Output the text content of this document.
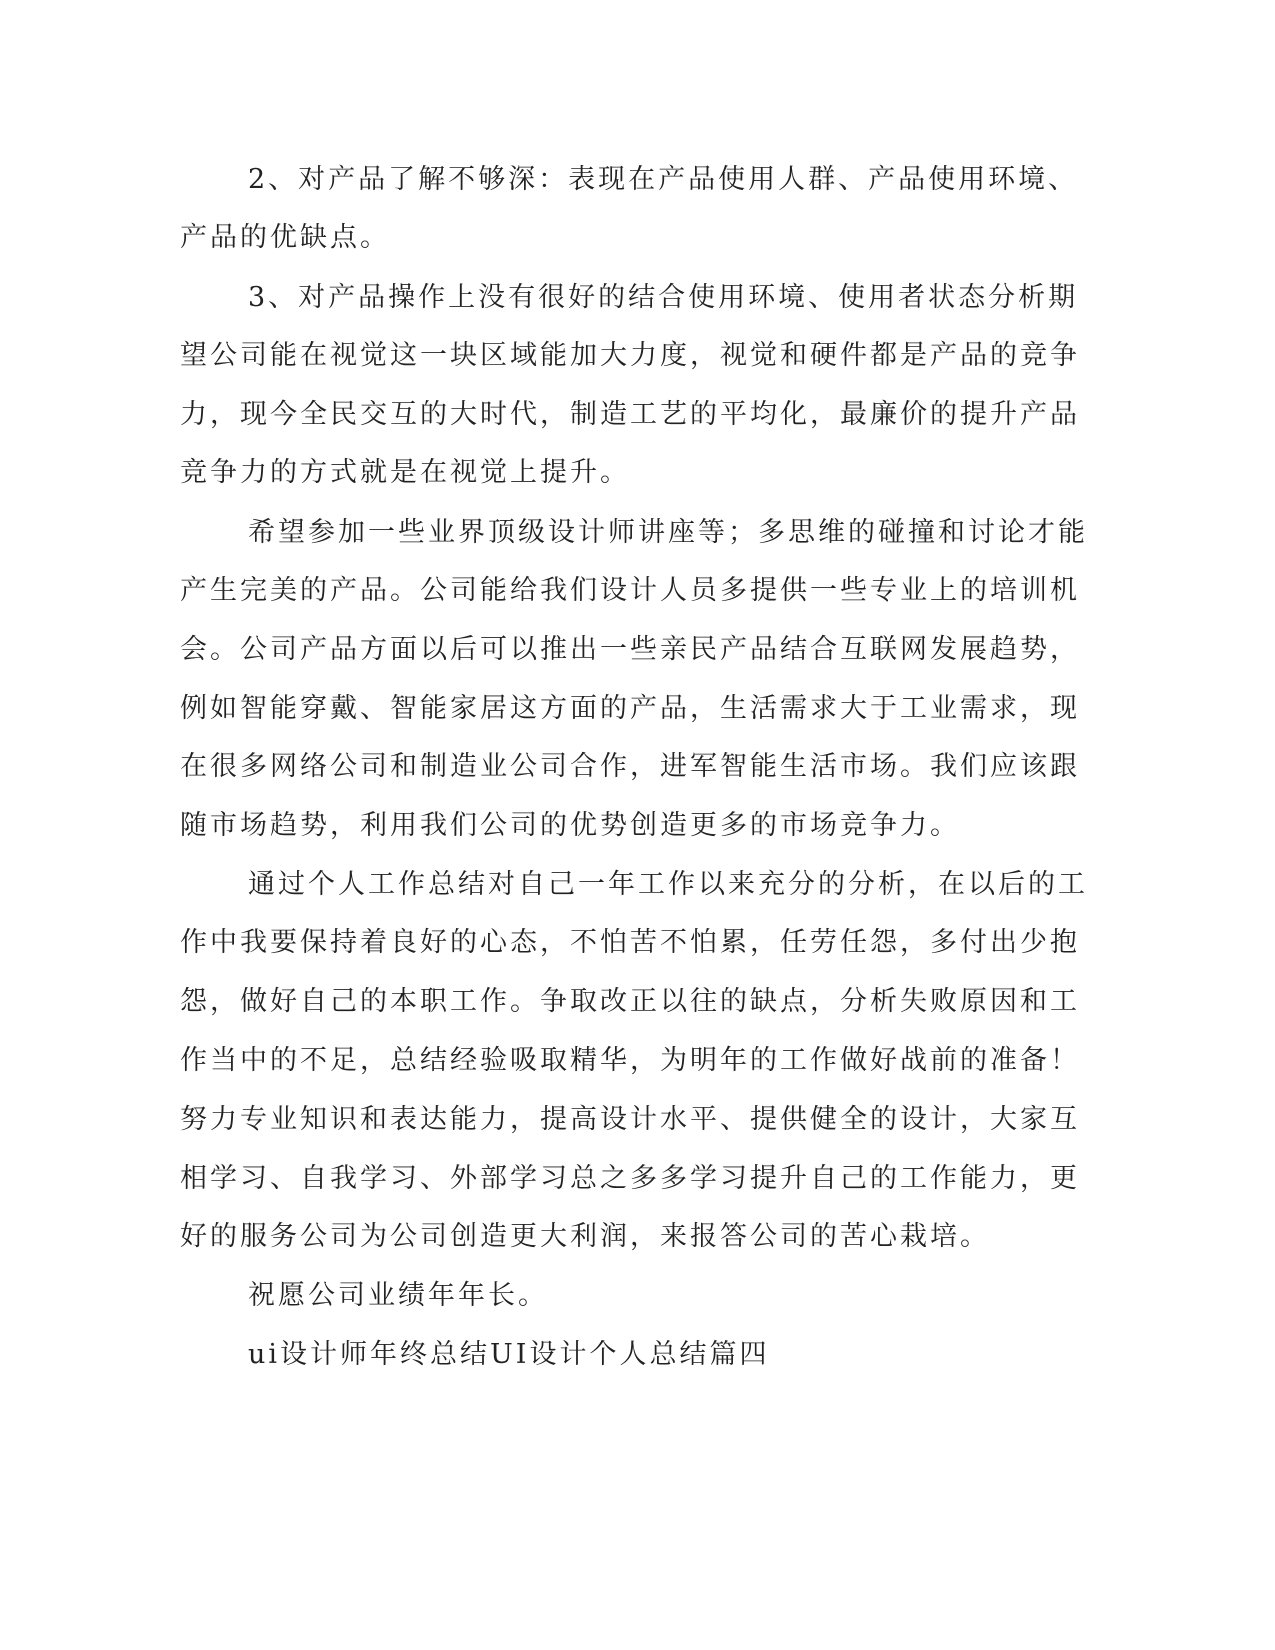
2、对产品了解不够深：表现在产品使用人群、产品使用环境、

产品的优缺点。

3、对产品操作上没有很好的结合使用环境、使用者状态分析期

望公司能在视觉这一块区域能加大力度，视觉和硬件都是产品的竞争

力，现今全民交互的大时代，制造工艺的平均化，最廉价的提升产品

竞争力的方式就是在视觉上提升。

希望参加一些业界顶级设计师讲座等；多思维的碰撞和讨论才能

产生完美的产品。公司能给我们设计人员多提供一些专业上的培训机

会。公司产品方面以后可以推出一些亲民产品结合互联网发展趋势，

例如智能穿戴、智能家居这方面的产品，生活需求大于工业需求，现

在很多网络公司和制造业公司合作，进军智能生活市场。我们应该跟

随市场趋势，利用我们公司的优势创造更多的市场竞争力。

通过个人工作总结对自己一年工作以来充分的分析，在以后的工

作中我要保持着良好的心态，不怕苦不怕累，任劳任怨，多付出少抱

怨，做好自己的本职工作。争取改正以往的缺点，分析失败原因和工

作当中的不足，总结经验吸取精华，为明年的工作做好战前的准备！

努力专业知识和表达能力，提高设计水平、提供健全的设计，大家互

相学习、自我学习、外部学习总之多多学习提升自己的工作能力，更

好的服务公司为公司创造更大利润，来报答公司的苦心栽培。

祝愿公司业绩年年长。

ui设计师年终总结UI设计个人总结篇四
